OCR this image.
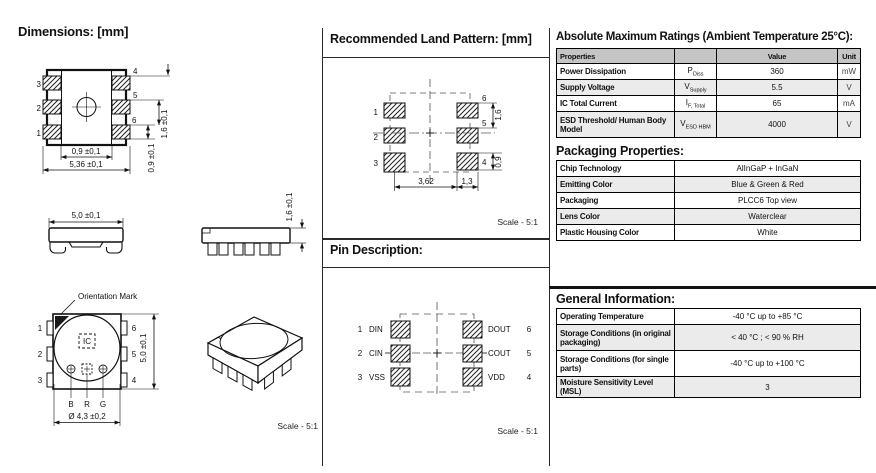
Dimensions: [mm]
3
2
1
4
5
6	1,6 ±0,1
0,9 ±0,1
0,9 ±0,1
5,36 ±0,1
5,0 ±0,1	1,6 ±0,1
Orientation Mark
IC
B R G
Ø 4,3 ±0,2
5,0 ±0,1
1
2
3
6
5
4
Scale - 5:1
Recommended Land Pattern: [mm]
1
2
3
6
5
4
1,6
0,9
3,62	1,3
Scale - 5:1
Pin Description:
1 DIN
2 CIN
3 VSS
DOUT 6
COUT 5
VDD	4
Scale - 5:1
Absolute Maximum Ratings (Ambient Temperature 25°C):
Properties		Value	Unit
Power Dissipation	$P_{Diss}$	360	mW
Supply Voltage	$V_{Supply}$	5.5	V
IC Total Current	$I_{F, Total}$	65	mA
ESD Threshold/ Human Body Model	$V_{ESD HBM}$	4000	V
Packaging Properties:
Chip Technology	AlInGaP + InGaN
Emitting Color	Blue & Green & Red
Packaging	PLCC6 Top view
Lens Color	Waterclear
Plastic Housing Color	White
General Information:
Operating Temperature	-40 °C up to +85 °C
Storage Conditions (in original packaging)	< 40 °C ; < 90 % RH
Storage Conditions (for single parts)	-40 °C up to +100 °C
Moisture Sensitivity Level (MSL)	3
